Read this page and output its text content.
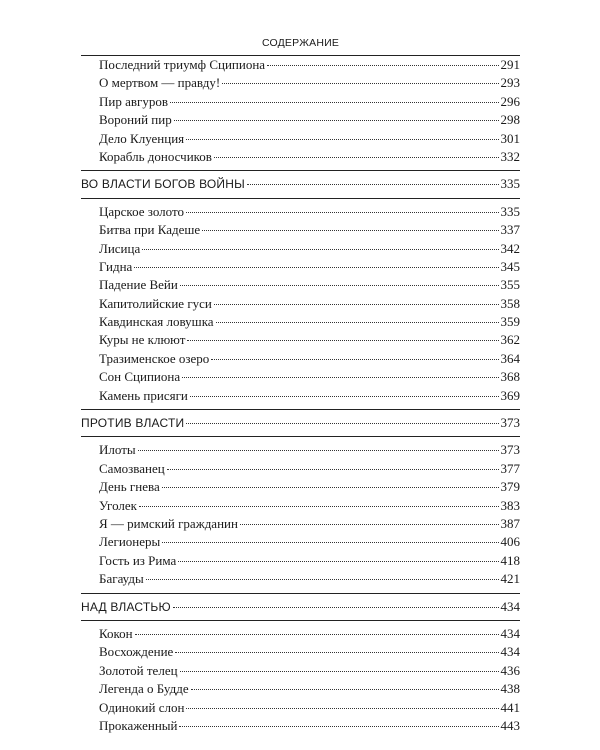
СОДЕРЖАНИЕ
Последний триумф Сципиона	291
О мертвом — правду!	293
Пир авгуров	296
Вороний пир	298
Дело Клуенция	301
Корабль доносчиков	332
ВО ВЛАСТИ БОГОВ ВОЙНЫ	335
Царское золото	335
Битва при Кадеше	337
Лисица	342
Гидна	345
Падение Вейи	355
Капитолийские гуси	358
Кавдинская ловушка	359
Куры не клюют	362
Тразименское озеро	364
Сон Сципиона	368
Камень присяги	369
ПРОТИВ ВЛАСТИ	373
Илоты	373
Самозванец	377
День гнева	379
Уголек	383
Я — римский гражданин	387
Легионеры	406
Гость из Рима	418
Багауды	421
НАД ВЛАСТЬЮ	434
Кокон	434
Восхождение	434
Золотой телец	436
Легенда о Будде	438
Одинокий слон	441
Прокаженный	443
